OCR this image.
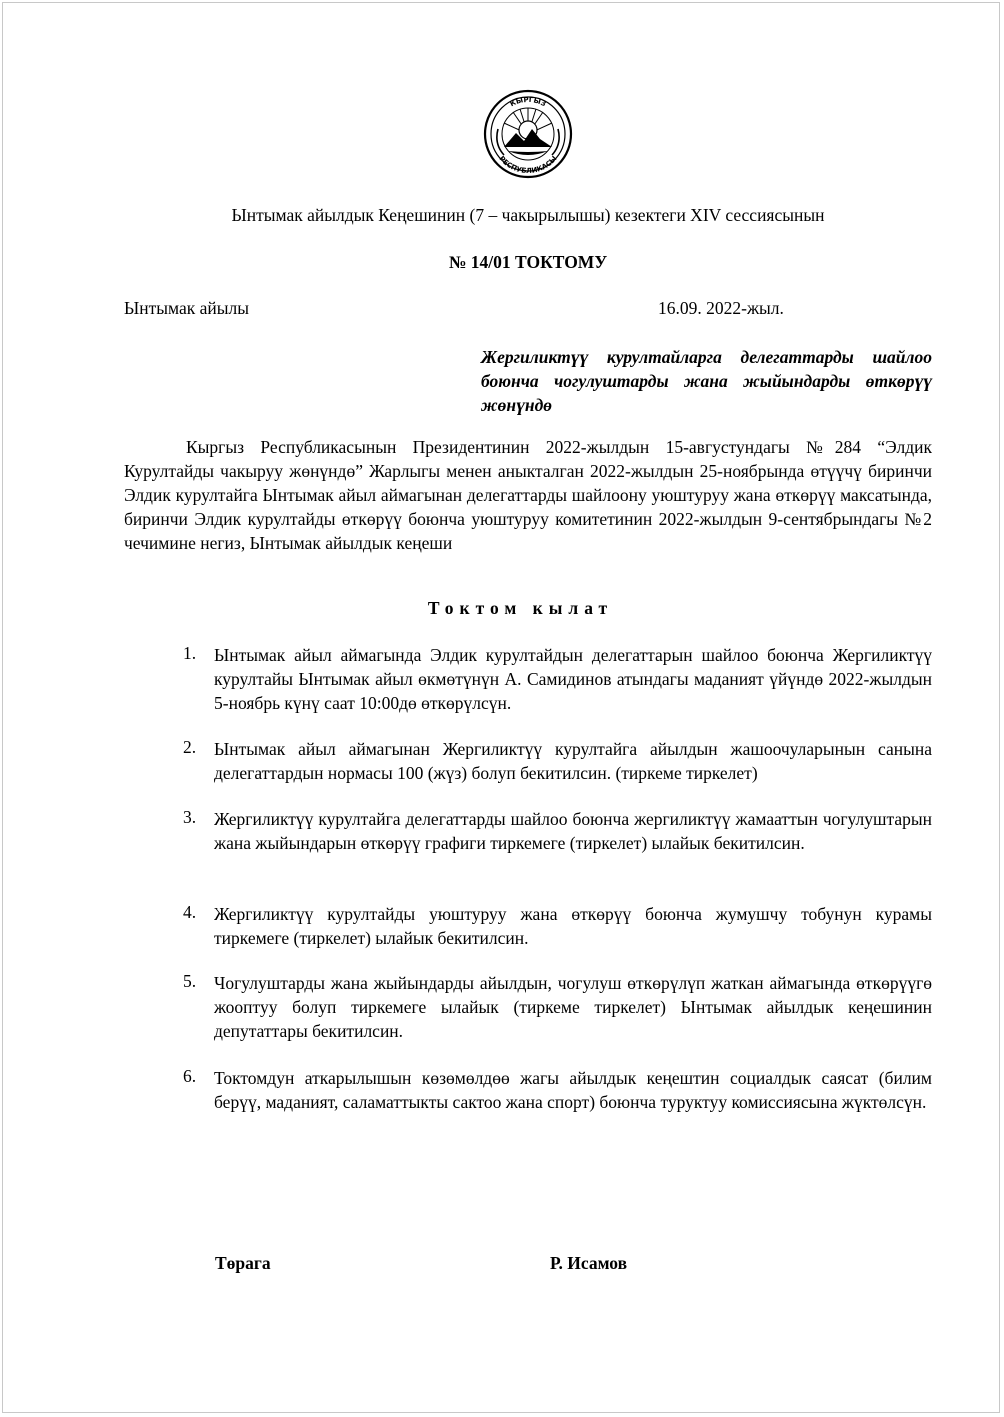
КЫРГЫЗ
РЕСПУБЛИКАСЫ
Ынтымак айылдык Кеңешинин (7 – чакырылышы) кезектеги XIV сессиясынын
№ 14/01 ТОКТОМУ
Ынтымак айылы	16.09. 2022-жыл.
Жергиликтүү курултайларга делегаттарды шайлоо боюнча чогулуштарды жана жыйындарды өткөрүү жөнүндө

Кыргыз Республикасынын Президентинин 2022-жылдын 15-августундагы №284 “Элдик Курултайды чакыруу жөнүндө” Жарлыгы менен аныкталган 2022-жылдын 25-ноябрында өтүүчү биринчи Элдик курултайга Ынтымак айыл аймагынан делегаттарды шайлоону уюштуруу жана өткөрүү максатында, биринчи Элдик курултайды өткөрүү боюнча уюштуруу комитетинин 2022-жылдын 9-сентябрындагы №2 чечимине негиз, Ынтымак айылдык кеңеши

Токтом кылат
1.	Ынтымак айыл аймагында Элдик курултайдын делегаттарын шайлоо боюнча Жергиликтүү курултайы Ынтымак айыл өкмөтүнүн А. Самидинов атындагы маданият үйүндө 2022-жылдын 5-ноябрь күнү саат 10:00дө өткөрүлсүн.
2.	Ынтымак айыл аймагынан Жергиликтүү курултайга айылдын жашоочуларынын санына делегаттардын нормасы 100 (жүз) болуп бекитилсин. (тиркеме тиркелет)
3.	Жергиликтүү курултайга делегаттарды шайлоо боюнча жергиликтүү жамааттын чогулуштарын жана жыйындарын өткөрүү графиги тиркемеге (тиркелет) ылайык бекитилсин.
4.	Жергиликтүү курултайды уюштуруу жана өткөрүү боюнча жумушчу тобунун курамы тиркемеге (тиркелет) ылайык бекитилсин.
5.	Чогулуштарды жана жыйындарды айылдын, чогулуш өткөрүлүп жаткан аймагында өткөрүүгө жооптуу болуп тиркемеге ылайык (тиркеме тиркелет) Ынтымак айылдык кеңешинин депутаттары бекитилсин.
6.	Токтомдун аткарылышын көзөмөлдөө жагы айылдык кеңештин социалдык саясат (билим берүү, маданият, саламаттыкты сактоо жана спорт) боюнча туруктуу комиссиясына жүктөлсүн.
Төрага	Р. Исамов
